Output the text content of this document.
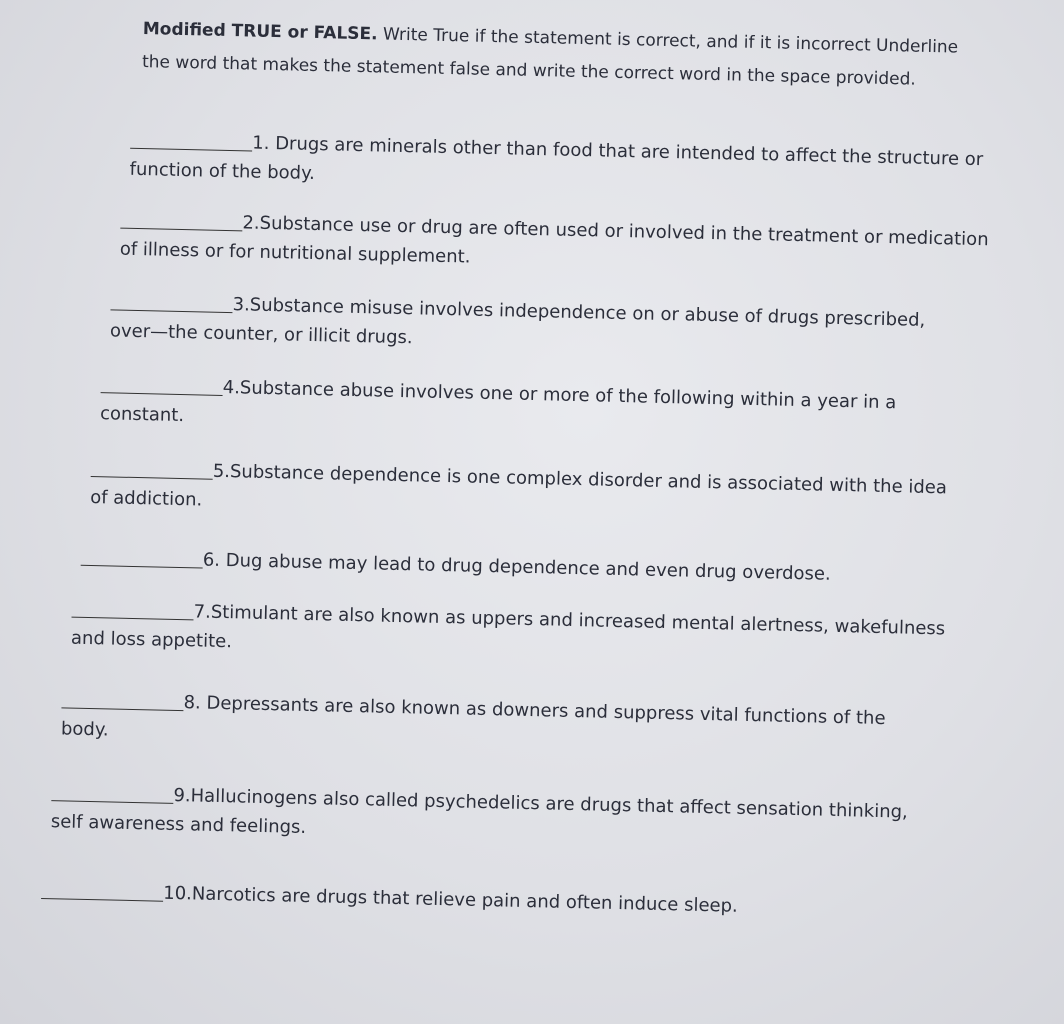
Modified TRUE or FALSE. Write True if the statement is correct, and if it is incorrect Underline the word that makes the statement false and write the correct word in the space provided.
1. Drugs are minerals other than food that are intended to affect the structure or
function of the body.
2.Substance use or drug are often used or involved in the treatment or medication
of illness or for nutritional supplement.
3.Substance misuse involves independence on or abuse of drugs prescribed,
over—the counter, or illicit drugs.
4.Substance abuse involves one or more of the following within a year in a
constant.
5.Substance dependence is one complex disorder and is associated with the idea
of addiction.
6. Dug abuse may lead to drug dependence and even drug overdose.
7.Stimulant are also known as uppers and increased mental alertness, wakefulness
and loss appetite.
8. Depressants are also known as downers and suppress vital functions of the
body.
9.Hallucinogens also called psychedelics are drugs that affect sensation thinking,
self awareness and feelings.
10.Narcotics are drugs that relieve pain and often induce sleep.
